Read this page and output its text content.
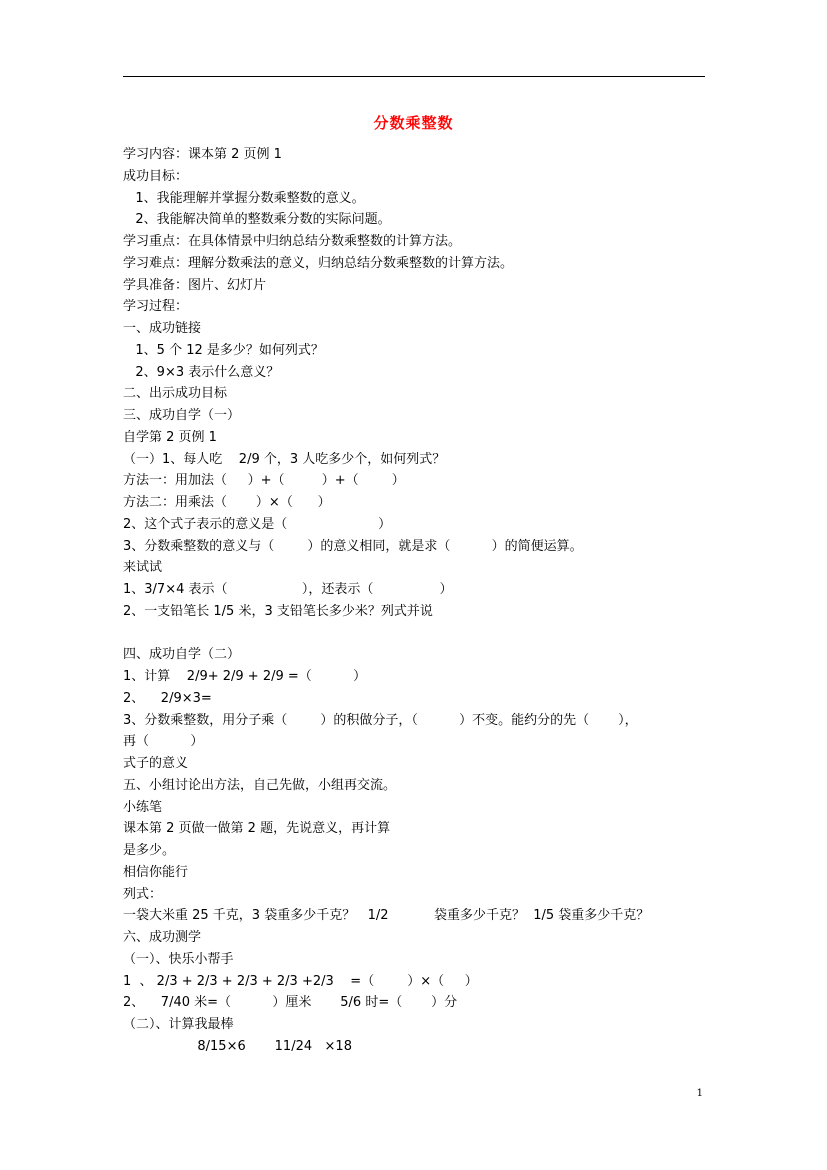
分数乘整数
学习内容：课本第 2 页例 1
成功目标：
1、我能理解并掌握分数乘整数的意义。
2、我能解决简单的整数乘分数的实际问题。
学习重点：在具体情景中归纳总结分数乘整数的计算方法。
学习难点：理解分数乘法的意义，归纳总结分数乘整数的计算方法。
学具准备：图片、幻灯片
学习过程：
一、成功链接
1、5 个 12 是多少？如何列式？
2、9×3 表示什么意义？
二、出示成功目标
三、成功自学（一）
自学第 2 页例 1
（一）1、每人吃    2/9 个，3 人吃多少个，如何列式？
方法一：用加法（     ）+（         ）+（        ）
方法二：用乘法（       ）×（      ）
2、这个式子表示的意义是（                      ）
3、分数乘整数的意义与（        ）的意义相同，就是求（          ）的简便运算。
来试试
1、3/7×4 表示（                  ），还表示（                ）
2、一支铅笔长 1/5 米，3 支铅笔长多少米？列式并说
四、成功自学（二）
1、计算    2/9+ 2/9 + 2/9 =（          ）
2、    2/9×3=
3、分数乘整数，用分子乘（        ）的积做分子，（          ）不变。能约分的先（       ），
再（          ）
式子的意义
五、小组讨论出方法，自己先做，小组再交流。
小练笔
课本第 2 页做一做第 2 题，先说意义，再计算
是多少。
相信你能行
列式：
一袋大米重 25 千克，3 袋重多少千克？   1/2           袋重多少千克？  1/5 袋重多少千克？
六、成功测学
（一）、快乐小帮手
1  、 2/3 + 2/3 + 2/3 + 2/3 +2/3    =（        ）×（     ）
2、    7/40 米=（          ）厘米       5/6 时=（       ）分
（二）、计算我最棒
8/15×6       11/24   ×18
1
